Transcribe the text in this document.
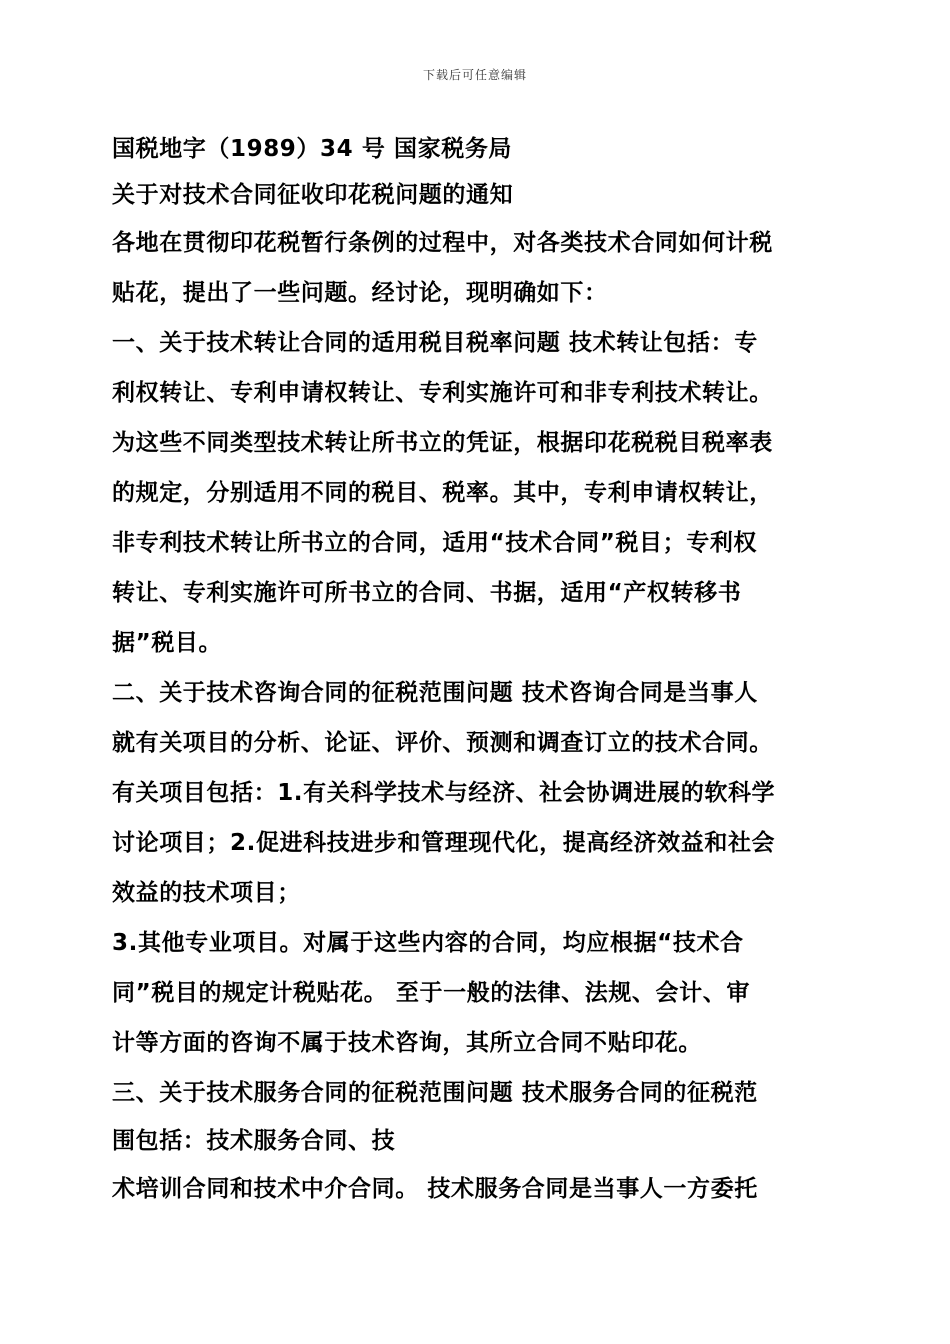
下载后可任意编辑
国税地字（1989）34 号 国家税务局
关于对技术合同征收印花税问题的通知
各地在贯彻印花税暂行条例的过程中，对各类技术合同如何计税
贴花，提出了一些问题。经讨论，现明确如下：
一、关于技术转让合同的适用税目税率问题 技术转让包括：专
利权转让、专利申请权转让、专利实施许可和非专利技术转让。
为这些不同类型技术转让所书立的凭证，根据印花税税目税率表
的规定，分别适用不同的税目、税率。其中，专利申请权转让，
非专利技术转让所书立的合同，适用“技术合同”税目；专利权
转让、专利实施许可所书立的合同、书据，适用“产权转移书
据”税目。
二、关于技术咨询合同的征税范围问题 技术咨询合同是当事人
就有关项目的分析、论证、评价、预测和调查订立的技术合同。
有关项目包括：1.有关科学技术与经济、社会协调进展的软科学
讨论项目；2.促进科技进步和管理现代化，提高经济效益和社会
效益的技术项目；
3.其他专业项目。对属于这些内容的合同，均应根据“技术合
同”税目的规定计税贴花。 至于一般的法律、法规、会计、审
计等方面的咨询不属于技术咨询，其所立合同不贴印花。
三、关于技术服务合同的征税范围问题 技术服务合同的征税范
围包括：技术服务合同、技
术培训合同和技术中介合同。 技术服务合同是当事人一方委托
